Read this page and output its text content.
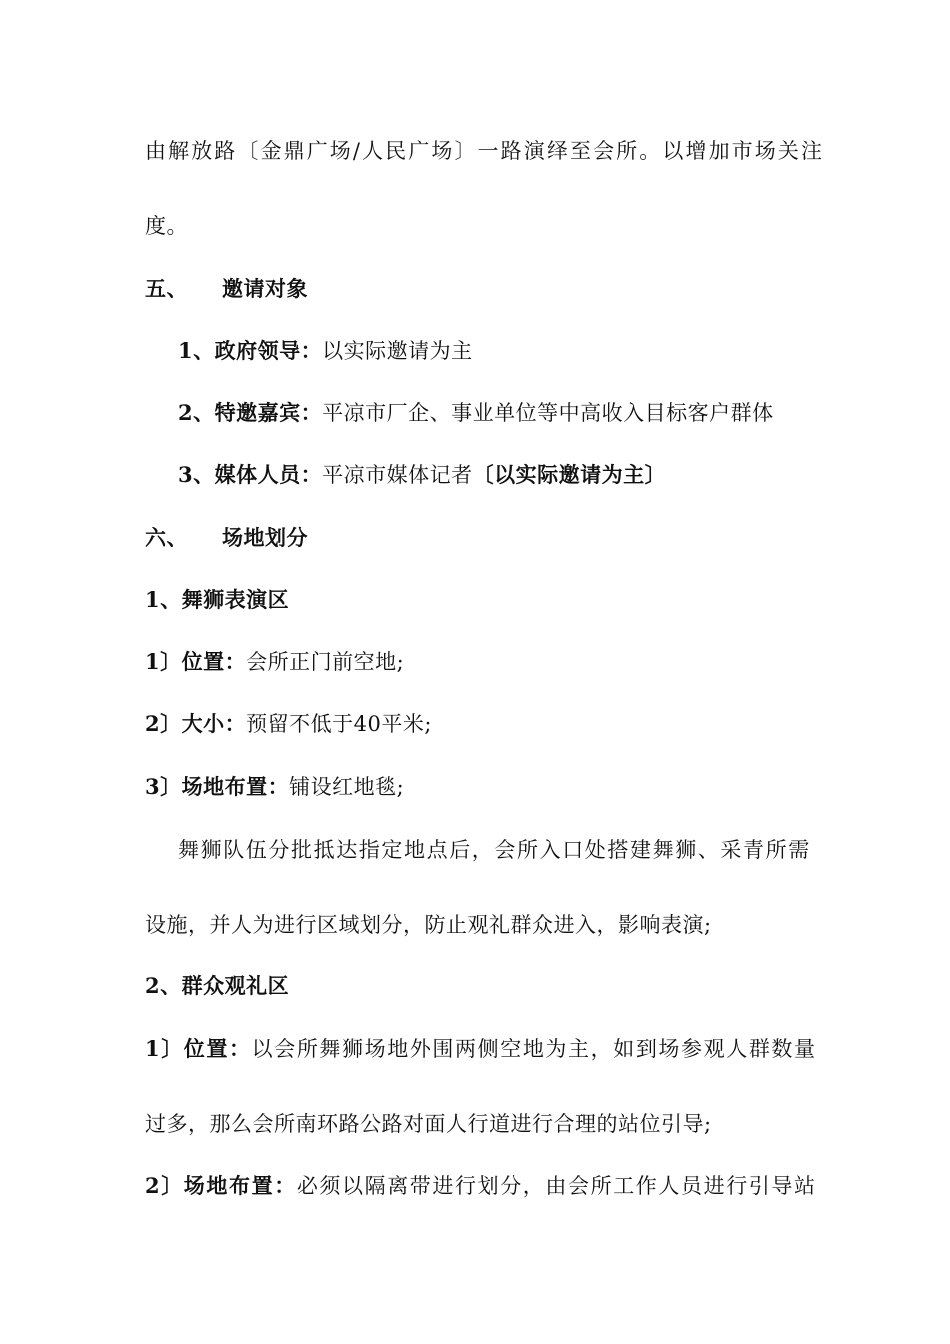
由解放路〔金鼎广场/人民广场〕一路演绎至会所。以增加市场关注
度。
五、 邀请对象
1、政府领导：以实际邀请为主
2、特邀嘉宾：平凉市厂企、事业单位等中高收入目标客户群体
3、媒体人员：平凉市媒体记者〔以实际邀请为主〕
六、 场地划分
1、舞狮表演区
1〕位置：会所正门前空地;
2〕大小：预留不低于40平米;
3〕场地布置：铺设红地毯;
舞狮队伍分批抵达指定地点后，会所入口处搭建舞狮、采青所需
设施，并人为进行区域划分，防止观礼群众进入，影响表演;
2、群众观礼区
1〕位置：以会所舞狮场地外围两侧空地为主，如到场参观人群数量
过多，那么会所南环路公路对面人行道进行合理的站位引导;
2〕场地布置：必须以隔离带进行划分，由会所工作人员进行引导站
